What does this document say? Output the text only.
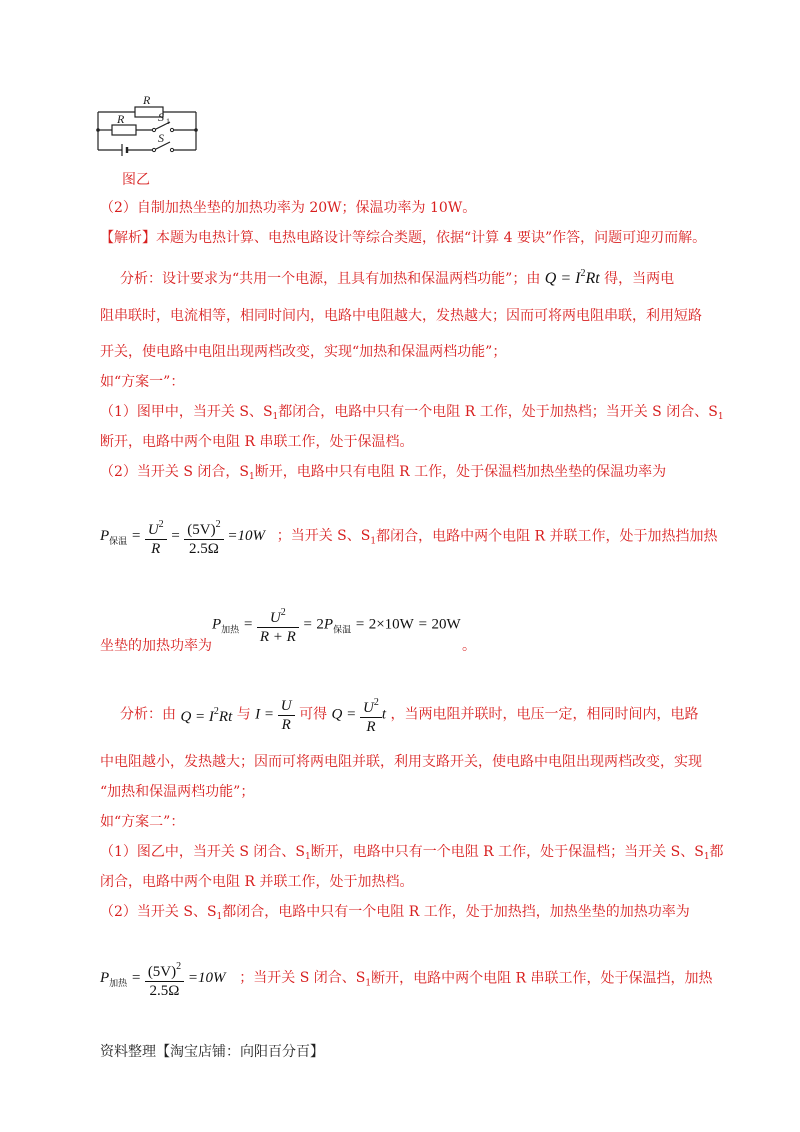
R
R	S 1
S
图乙
（2）自制加热坐垫的加热功率为 20W；保温功率为 10W。
【解析】本题为电热计算、电热电路设计等综合类题，依据“计算 4 要诀”作答，问题可迎刃而解。
分析：设计要求为“共用一个电源，且具有加热和保温两档功能”；由 $Q = I^2Rt$ 得，当两电
阻串联时，电流相等，相同时间内，电路中电阻越大，发热越大；因而可将两电阻串联，利用短路
开关，使电路中电阻出现两档改变，实现“加热和保温两档功能”；
如“方案一”：
（1）图甲中，当开关 S、$S_1$都闭合，电路中只有一个电阻 R 工作，处于加热档；当开关 S 闭合、$S_1$
断开，电路中两个电阻 R 串联工作，处于保温档。
（2）当开关 S 闭合，$S_1$断开，电路中只有电阻 R 工作，处于保温档加热坐垫的保温功率为
$P_{保温} = \frac{U^2}{R} = \frac{(5V)^2}{2.5\Omega} =10W$ ；当开关 S、$S_1$都闭合，电路中两个电阻 R 并联工作，处于加热挡加热
坐垫的加热功率为
$P_{加热} = \frac{U^2}{R + R} = 2P_{保温} = 2\times 10W = 20W$
。
分析：由 $Q = I^2Rt$ 与 $I = \frac{U}{R}$ 可得 $Q = \frac{U^2}{R}$ t ，当两电阻并联时，电压一定，相同时间内，电路
中电阻越小，发热越大；因而可将两电阻并联，利用支路开关，使电路中电阻出现两档改变，实现
“加热和保温两档功能”；
如“方案二”：
（1）图乙中，当开关 S 闭合、$S_1$断开，电路中只有一个电阻 R 工作，处于保温档；当开关 S、$S_1$都
闭合，电路中两个电阻 R 并联工作，处于加热档。
（2）当开关 S、$S_1$都闭合，电路中只有一个电阻 R 工作，处于加热挡，加热坐垫的加热功率为
$P_{加热} = \frac{(5V)^2}{2.5\Omega} =10W$ ；当开关 S 闭合、$S_1$断开，电路中两个电阻 R 串联工作，处于保温挡，加热
资料整理【淘宝店铺：向阳百分百】
